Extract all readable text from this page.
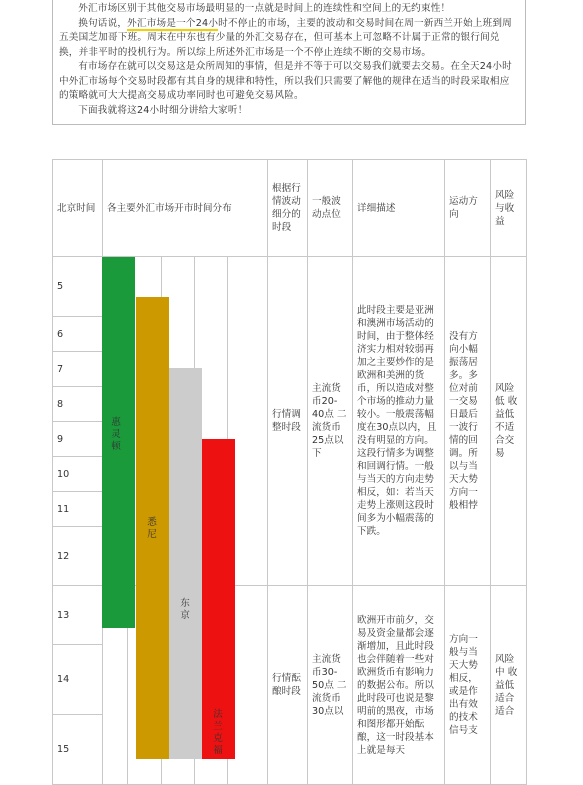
外汇市场区别于其他交易市场最明显的一点就是时间上的连续性和空间上的无约束性！

换句话说，外汇市场是一个24小时不停止的市场，主要的波动和交易时间在周一新西兰开始上班到周五美国芝加哥下班。周末在中东也有少量的外汇交易存在，但可基本上可忽略不计属于正常的银行间兑换，并非平时的投机行为。所以综上所述外汇市场是一个不停止连续不断的交易市场。

有市场存在就可以交易这是众所周知的事情，但是并不等于可以交易我们就要去交易。在全天24小时中外汇市场每个交易时段都有其自身的规律和特性，所以我们只需要了解他的规律在适当的时段采取相应的策略就可大大提高交易成功率同时也可避免交易风险。

下面我就将这24小时细分讲给大家听！

北京时间	各主要外汇市场开市时间分布					根据行情波动细分的时段	一般波动点位	详细描述	运动方向	风险与收益
5						行情调整时段	主流货币20-40点 二流货币 25点以下	此时段主要是亚洲和澳洲市场活动的时间，由于整体经济实力相对较弱再加之主要炒作的是欧洲和美洲的货币，所以造成对整个市场的推动力量较小。一般震荡幅度在30点以内，且没有明显的方向。 这段行情多为调整和回调行情。一般与当天的方向走势相反，如：若当天走势上涨则这段时间多为小幅震荡的下跌。	没有方向小幅振荡居多。多位对前一交易日最后一波行情的回调。所以与当天大势方向一般相悖	风险低 收益低不适合交易
6										
7										
8										
9										
10										
11										
12										
13						行情酝酿时段	主流货币30-50点 二流货币 30点以	欧洲开市前夕，交易及资金量都会逐渐增加，且此时段也会伴随着一些对欧洲货币有影响力的数据公布。所以此时段可也说是黎明前的黑夜，市场和图形都开始酝酿，这一时段基本上就是每天	方向一般与当天大势相反，或是作出有效的技术信号支	风险中 收益低适合适合
14										
15										
惠
灵
顿
悉
尼
东
京
法
兰
克
福
